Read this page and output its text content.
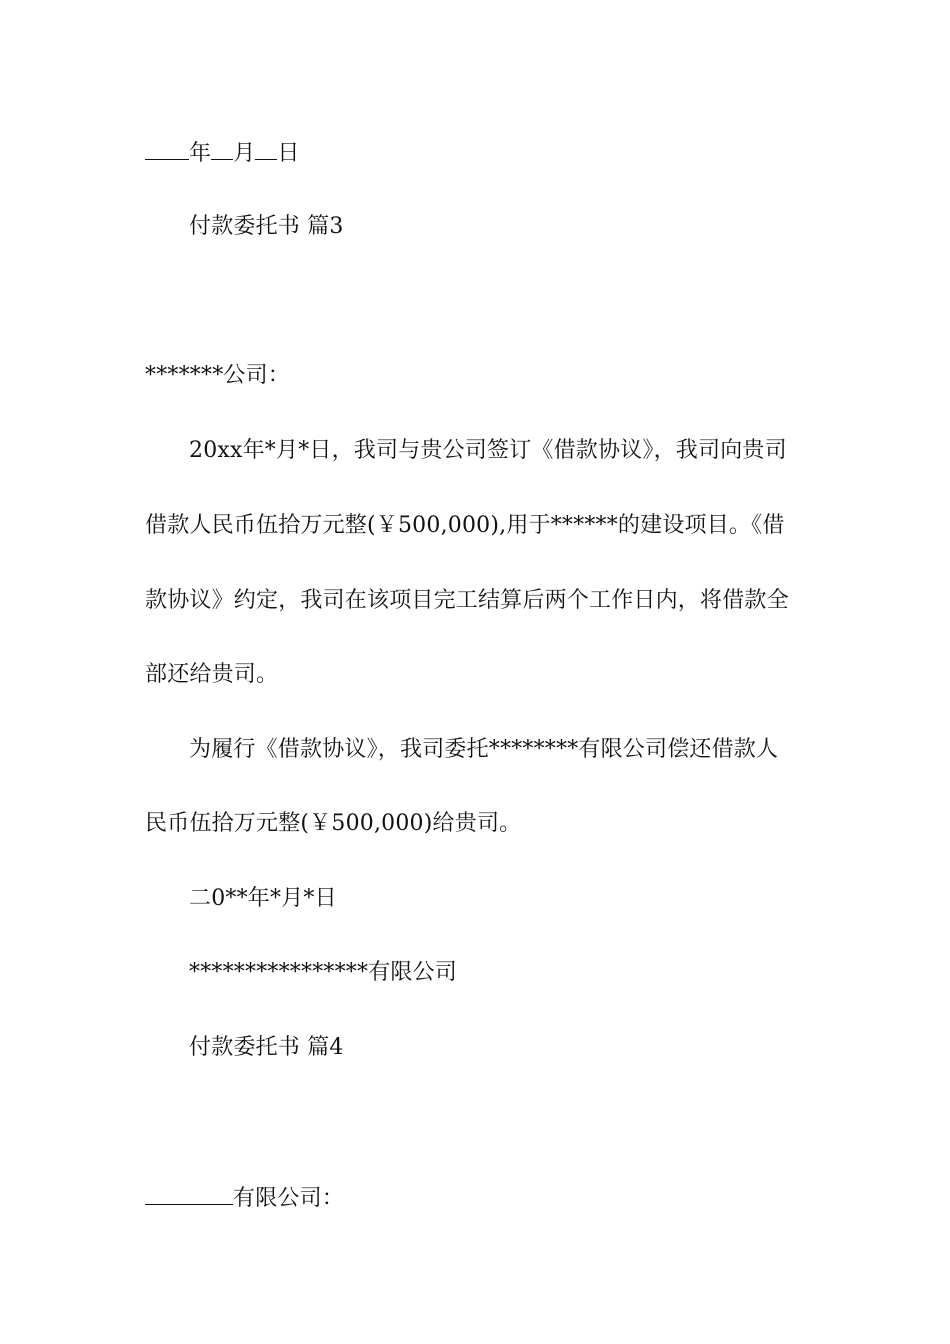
年 月 日
付款委托书 篇3
*******公司：
20xx年*月*日，我司与贵公司签订《借款协议》，我司向贵司
借款人民币伍拾万元整(￥500,000),用于******的建设项目。《借
款协议》约定，我司在该项目完工结算后两个工作日内，将借款全
部还给贵司。
为履行《借款协议》，我司委托********有限公司偿还借款人
民币伍拾万元整(￥500,000)给贵司。
二0**年*月*日
****************有限公司
付款委托书 篇4
有限公司：
